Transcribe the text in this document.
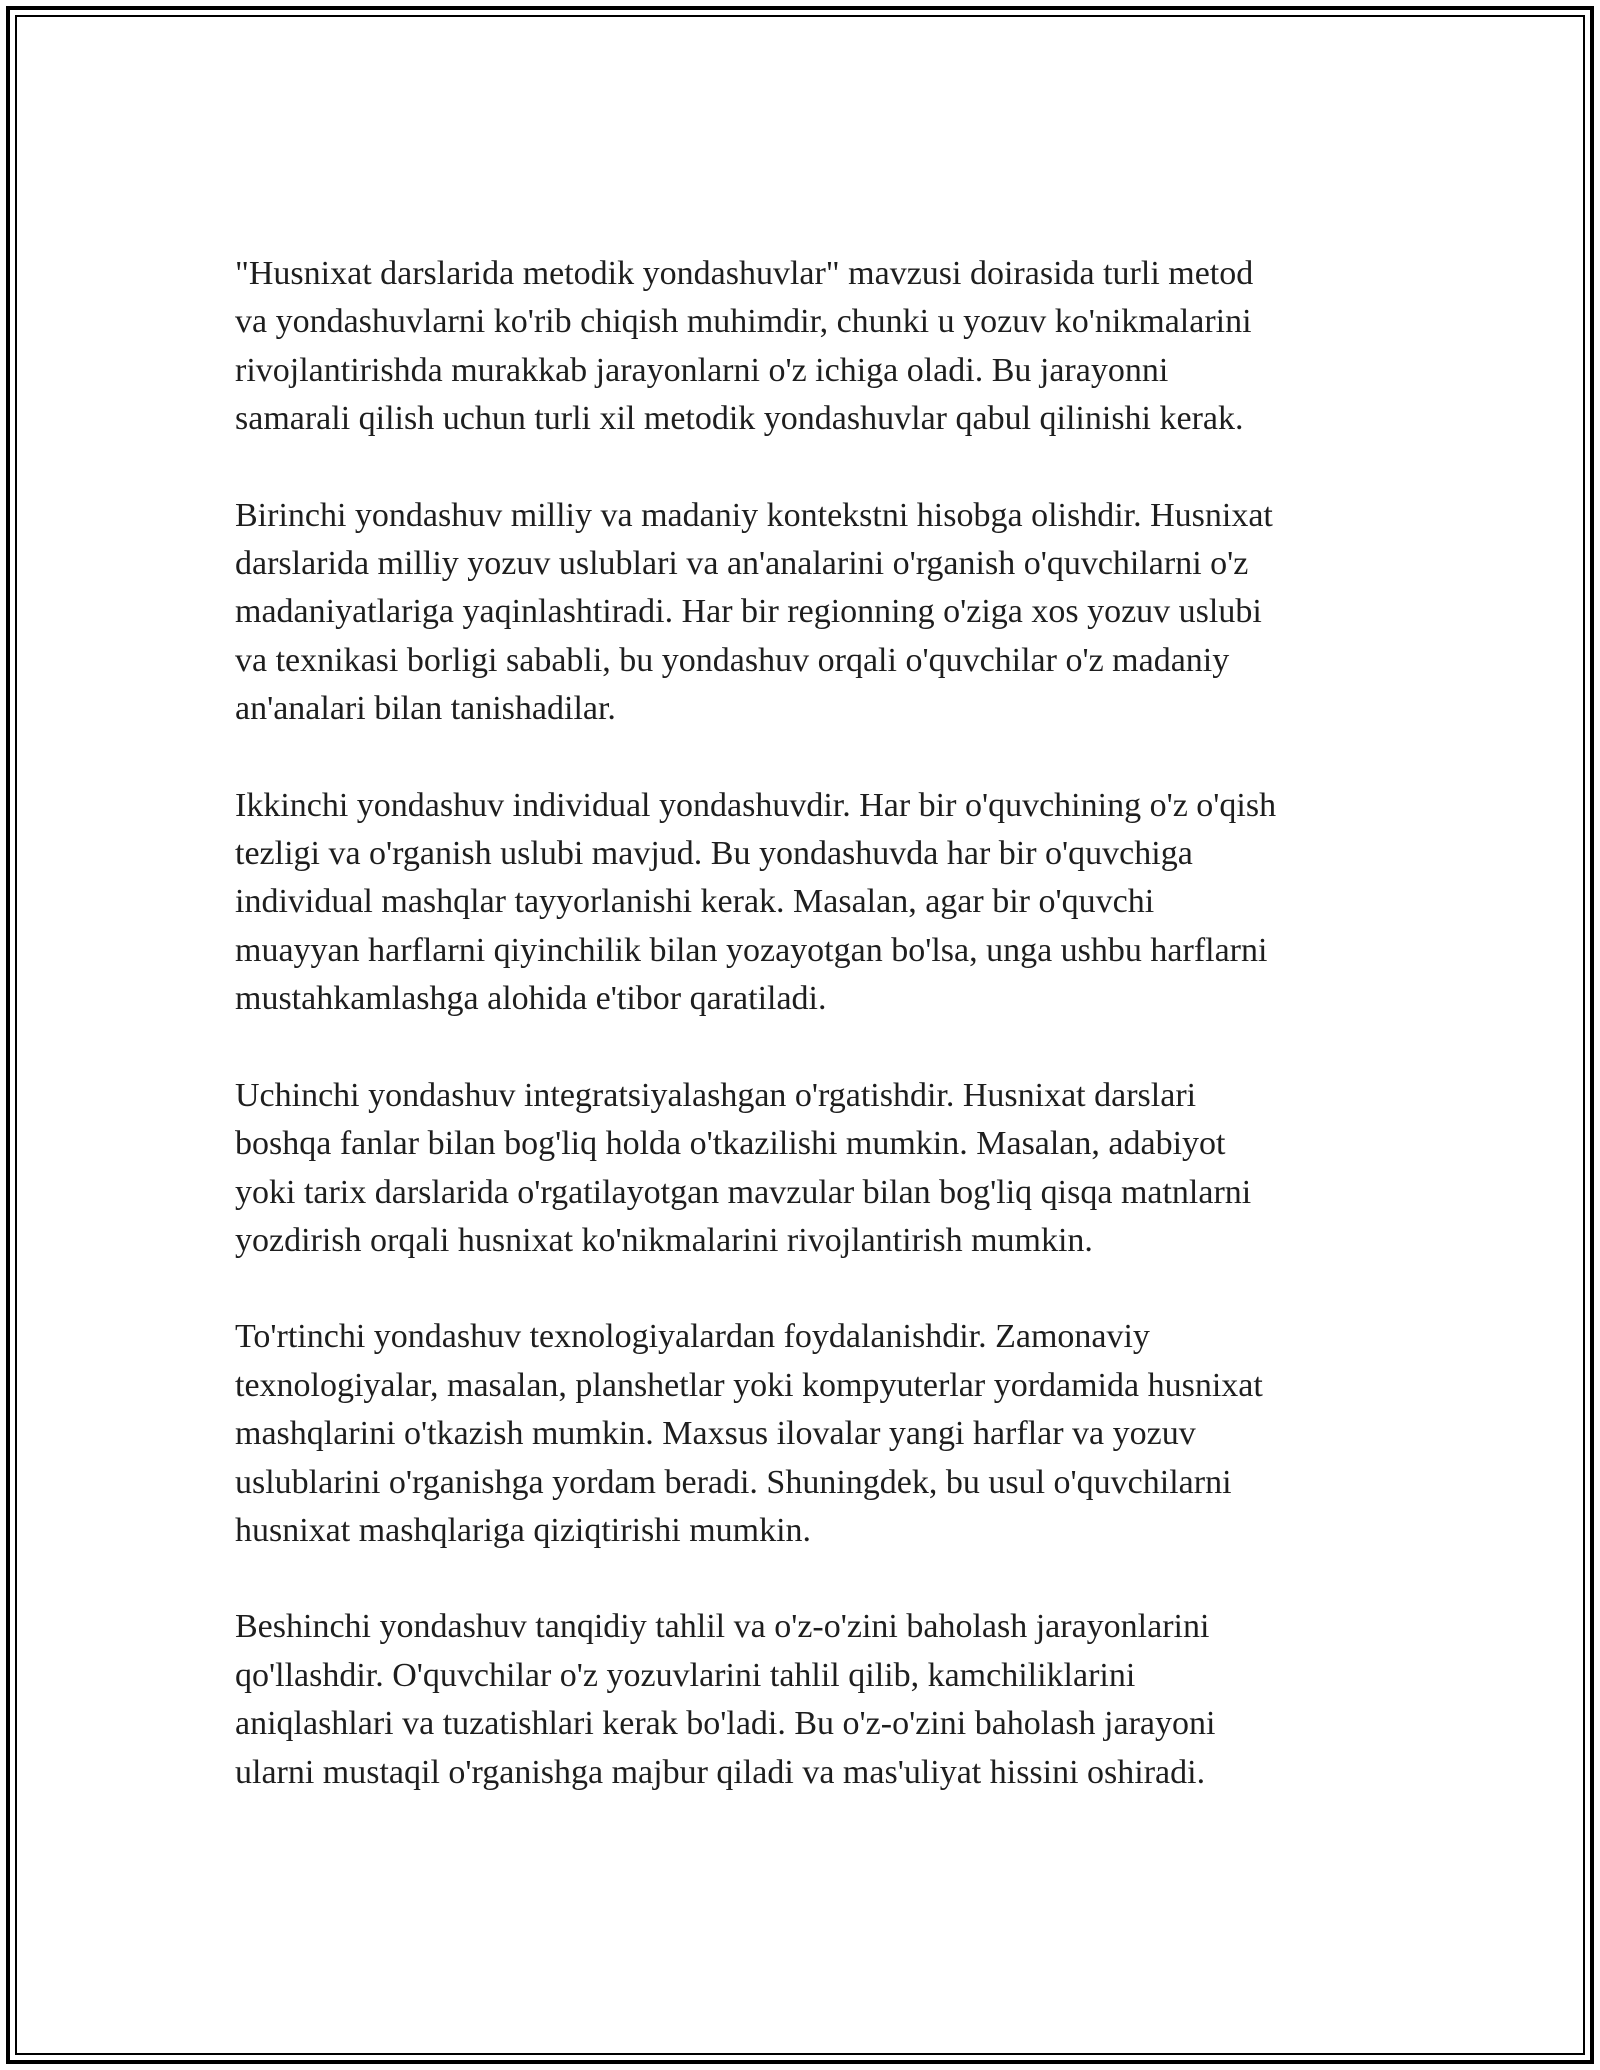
"Husnixat darslarida metodik yondashuvlar" mavzusi doirasida turli metod
va yondashuvlarni ko'rib chiqish muhimdir, chunki u yozuv ko'nikmalarini
rivojlantirishda murakkab jarayonlarni o'z ichiga oladi. Bu jarayonni
samarali qilish uchun turli xil metodik yondashuvlar qabul qilinishi kerak.

Birinchi yondashuv milliy va madaniy kontekstni hisobga olishdir. Husnixat
darslarida milliy yozuv uslublari va an'analarini o'rganish o'quvchilarni o'z
madaniyatlariga yaqinlashtiradi. Har bir regionning o'ziga xos yozuv uslubi
va texnikasi borligi sababli, bu yondashuv orqali o'quvchilar o'z madaniy
an'analari bilan tanishadilar.

Ikkinchi yondashuv individual yondashuvdir. Har bir o'quvchining o'z o'qish
tezligi va o'rganish uslubi mavjud. Bu yondashuvda har bir o'quvchiga
individual mashqlar tayyorlanishi kerak. Masalan, agar bir o'quvchi
muayyan harflarni qiyinchilik bilan yozayotgan bo'lsa, unga ushbu harflarni
mustahkamlashga alohida e'tibor qaratiladi.

Uchinchi yondashuv integratsiyalashgan o'rgatishdir. Husnixat darslari
boshqa fanlar bilan bog'liq holda o'tkazilishi mumkin. Masalan, adabiyot
yoki tarix darslarida o'rgatilayotgan mavzular bilan bog'liq qisqa matnlarni
yozdirish orqali husnixat ko'nikmalarini rivojlantirish mumkin.

To'rtinchi yondashuv texnologiyalardan foydalanishdir. Zamonaviy
texnologiyalar, masalan, planshetlar yoki kompyuterlar yordamida husnixat
mashqlarini o'tkazish mumkin. Maxsus ilovalar yangi harflar va yozuv
uslublarini o'rganishga yordam beradi. Shuningdek, bu usul o'quvchilarni
husnixat mashqlariga qiziqtirishi mumkin.

Beshinchi yondashuv tanqidiy tahlil va o'z-o'zini baholash jarayonlarini
qo'llashdir. O'quvchilar o'z yozuvlarini tahlil qilib, kamchiliklarini
aniqlashlari va tuzatishlari kerak bo'ladi. Bu o'z-o'zini baholash jarayoni
ularni mustaqil o'rganishga majbur qiladi va mas'uliyat hissini oshiradi.
